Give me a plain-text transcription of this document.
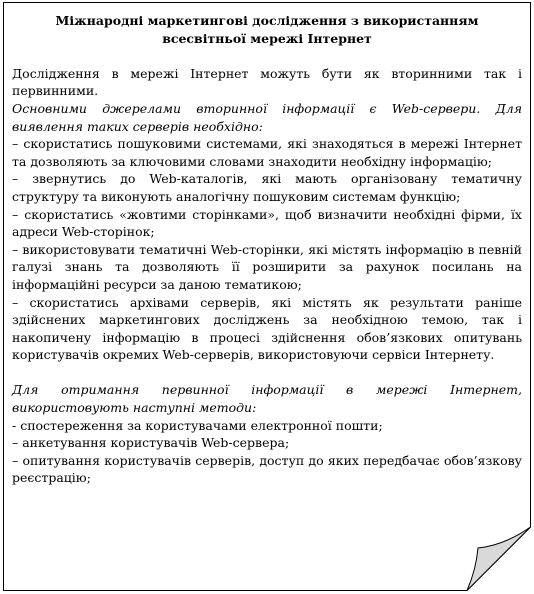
Міжнародні маркетингові дослідження з використанням всесвітньої мережі Інтернет

Дослідження в мережі Інтернет можуть бути як вторинними так і первинними.

Основними джерелами вторинної інформації є Web-сервери. Для виявлення таких серверів необхідно:

– скористатись пошуковими системами, які знаходяться в мережі Інтернет та дозволяють за ключовими словами знаходити необхідну інформацію;

– звернутись до Web-каталогів, які мають організовану тематичну структуру та виконують аналогічну пошуковим системам функцію;

– скористатись «жовтими сторінками», щоб визначити необхідні фірми, їх адреси Web-сторінок;

– використовувати тематичні Web-сторінки, які містять інформацію в певній галузі знань та дозволяють її розширити за рахунок посилань на інформаційні ресурси за даною тематикою;

– скористатись архівами серверів, які містять як результати раніше здійснених маркетингових досліджень за необхідною темою, так і накопичену інформацію в процесі здійснення обов’язкових опитувань користувачів окремих Web-серверів, використовуючи сервіси Інтернету.

Для отримання первинної інформації в мережі Інтернет, використовують наступні методи:

- спостереження за користувачами електронної пошти;

– анкетування користувачів Web-сервера;

– опитування користувачів серверів, доступ до яких передбачає обов’язкову реєстрацію;
